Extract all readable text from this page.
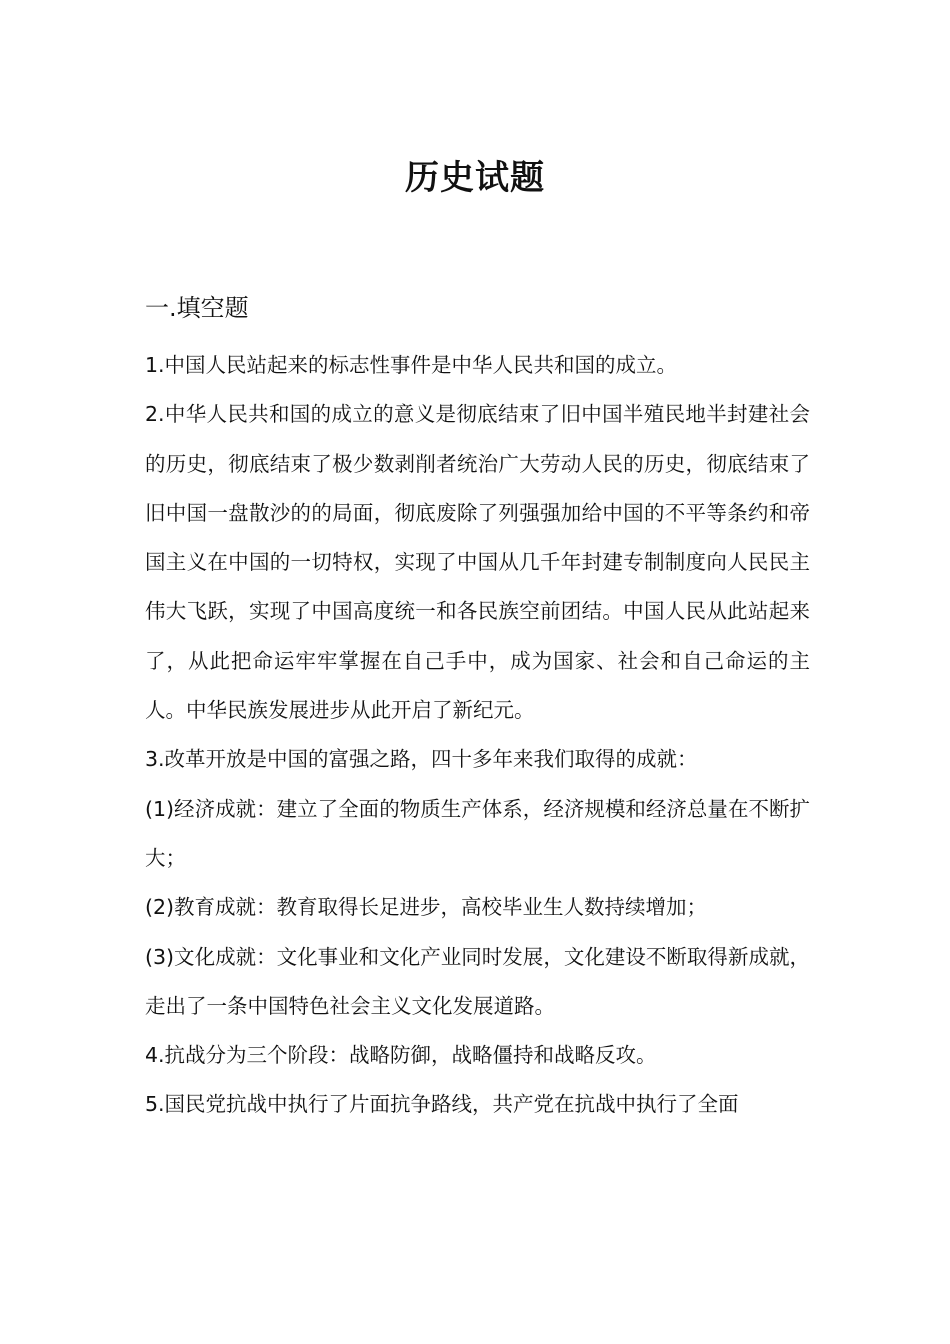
历史试题
一.填空题

1.中国人民站起来的标志性事件是中华人民共和国的成立。

2.中华人民共和国的成立的意义是彻底结束了旧中国半殖民地半封建社会的历史，彻底结束了极少数剥削者统治广大劳动人民的历史，彻底结束了旧中国一盘散沙的的局面，彻底废除了列强强加给中国的不平等条约和帝国主义在中国的一切特权，实现了中国从几千年封建专制制度向人民民主伟大飞跃，实现了中国高度统一和各民族空前团结。中国人民从此站起来了，从此把命运牢牢掌握在自己手中，成为国家、社会和自己命运的主人。中华民族发展进步从此开启了新纪元。

3.改革开放是中国的富强之路，四十多年来我们取得的成就：

(1)经济成就：建立了全面的物质生产体系，经济规模和经济总量在不断扩大；

(2)教育成就：教育取得长足进步，高校毕业生人数持续增加；

(3)文化成就：文化事业和文化产业同时发展，文化建设不断取得新成就，走出了一条中国特色社会主义文化发展道路。

4.抗战分为三个阶段：战略防御，战略僵持和战略反攻。

5.国民党抗战中执行了片面抗争路线，共产党在抗战中执行了全面
